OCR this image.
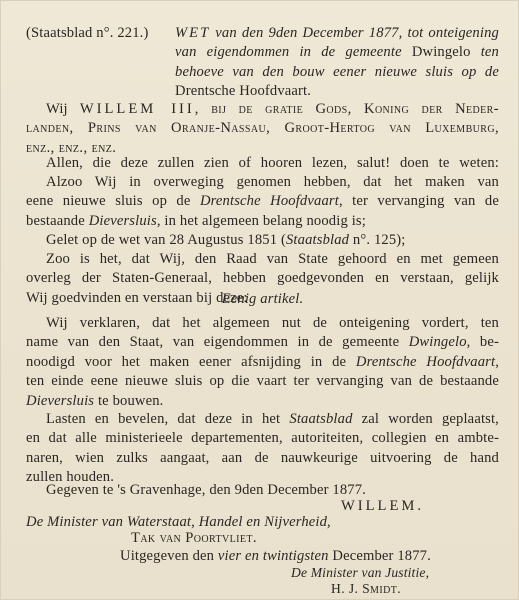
(Staatsblad n°. 221.) WET van den 9den December 1877, tot onteigening
van eigendommen in de gemeente Dwingelo ten
behoeve van den bouw eener nieuwe sluis op de
Drentsche Hoofdvaart.
Wij WILLEM III, bij de gratie Gods, Koning der Neder-
landen, Prins van Oranje-Nassau, Groot-Hertog van Luxemburg,
enz., enz., enz.
Allen, die deze zullen zien of hooren lezen, salut! doen te weten:
Alzoo Wij in overweging genomen hebben, dat het maken van
eene nieuwe sluis op de Drentsche Hoofdvaart, ter vervanging van de
bestaande Dieversluis, in het algemeen belang noodig is;
Gelet op de wet van 28 Augustus 1851 (Staatsblad n°. 125);
Zoo is het, dat Wij, den Raad van State gehoord en met gemeen
overleg der Staten-Generaal, hebben goedgevonden en verstaan, gelijk
Wij goedvinden en verstaan bij deze:
Eenig artikel.
Wij verklaren, dat het algemeen nut de onteigening vordert, ten
name van den Staat, van eigendommen in de gemeente Dwingelo, be-
noodigd voor het maken eener afsnijding in de Drentsche Hoofdvaart,
ten einde eene nieuwe sluis op die vaart ter vervanging van de bestaande
Dieversluis te bouwen.
Lasten en bevelen, dat deze in het Staatsblad zal worden geplaatst,
en dat alle ministerieele departementen, autoriteiten, collegien en ambte-
naren, wien zulks aangaat, aan de nauwkeurige uitvoering de hand
zullen houden.
Gegeven te 's Gravenhage, den 9den December 1877.
WILLEM.
De Minister van Waterstaat, Handel en Nijverheid,
Tak van Poortvliet.
Uitgegeven den vier en twintigsten December 1877.
De Minister van Justitie,
H. J. Smidt.
